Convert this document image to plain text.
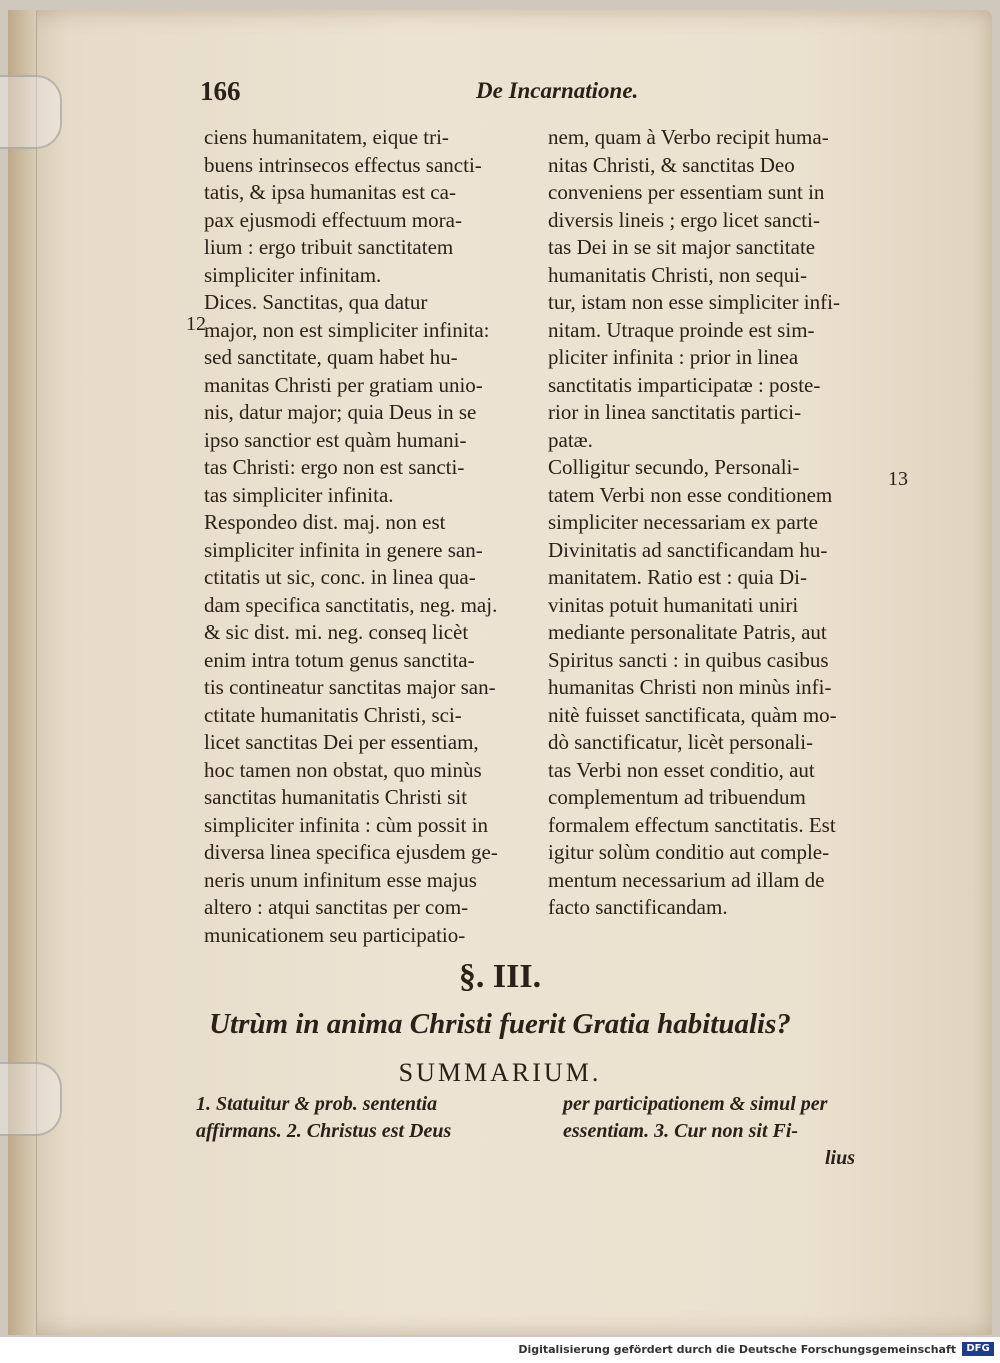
166	De Incarnatione.
ciens humanitatem, eique tri-
buens intrinsecos effectus sancti-
tatis, & ipsa humanitas est ca-
pax ejusmodi effectuum mora-
lium : ergo tribuit sanctitatem
simpliciter infinitam.
Dices. Sanctitas, qua datur
major, non est simpliciter infinita:
sed sanctitate, quam habet hu-
manitas Christi per gratiam unio-
nis, datur major; quia Deus in se
ipso sanctior est quàm humani-
tas Christi: ergo non est sancti-
tas simpliciter infinita.
Respondeo dist. maj. non est
simpliciter infinita in genere san-
ctitatis ut sic, conc. in linea qua-
dam specifica sanctitatis, neg. maj.
& sic dist. mi. neg. conseq licèt
enim intra totum genus sanctita-
tis contineatur sanctitas major san-
ctitate humanitatis Christi, sci-
licet sanctitas Dei per essentiam,
hoc tamen non obstat, quo minùs
sanctitas humanitatis Christi sit
simpliciter infinita : cùm possit in
diversa linea specifica ejusdem ge-
neris unum infinitum esse majus
altero : atqui sanctitas per com-
municationem seu participatio-
nem, quam à Verbo recipit huma-
nitas Christi, & sanctitas Deo
conveniens per essentiam sunt in
diversis lineis ; ergo licet sancti-
tas Dei in se sit major sanctitate
humanitatis Christi, non sequi-
tur, istam non esse simpliciter infi-
nitam. Utraque proinde est sim-
pliciter infinita : prior in linea
sanctitatis imparticipatæ : poste-
rior in linea sanctitatis partici-
patæ.
Colligitur secundo, Personali-
tatem Verbi non esse conditionem
simpliciter necessariam ex parte
Divinitatis ad sanctificandam hu-
manitatem. Ratio est : quia Di-
vinitas potuit humanitati uniri
mediante personalitate Patris, aut
Spiritus sancti : in quibus casibus
humanitas Christi non minùs infi-
nitè fuisset sanctificata, quàm mo-
dò sanctificatur, licèt personali-
tas Verbi non esset conditio, aut
complementum ad tribuendum
formalem effectum sanctitatis. Est
igitur solùm conditio aut comple-
mentum necessarium ad illam de
facto sanctificandam.
12
13
§. III.
Utrùm in anima Christi fuerit Gratia habitualis?
SUMMARIUM.
1. Statuitur & prob. sententia
affirmans. 2. Christus est Deus
per participationem & simul per
essentiam. 3. Cur non sit Fi-
lius
Digitalisierung gefördert durch die Deutsche Forschungsgemeinschaft	DFG
